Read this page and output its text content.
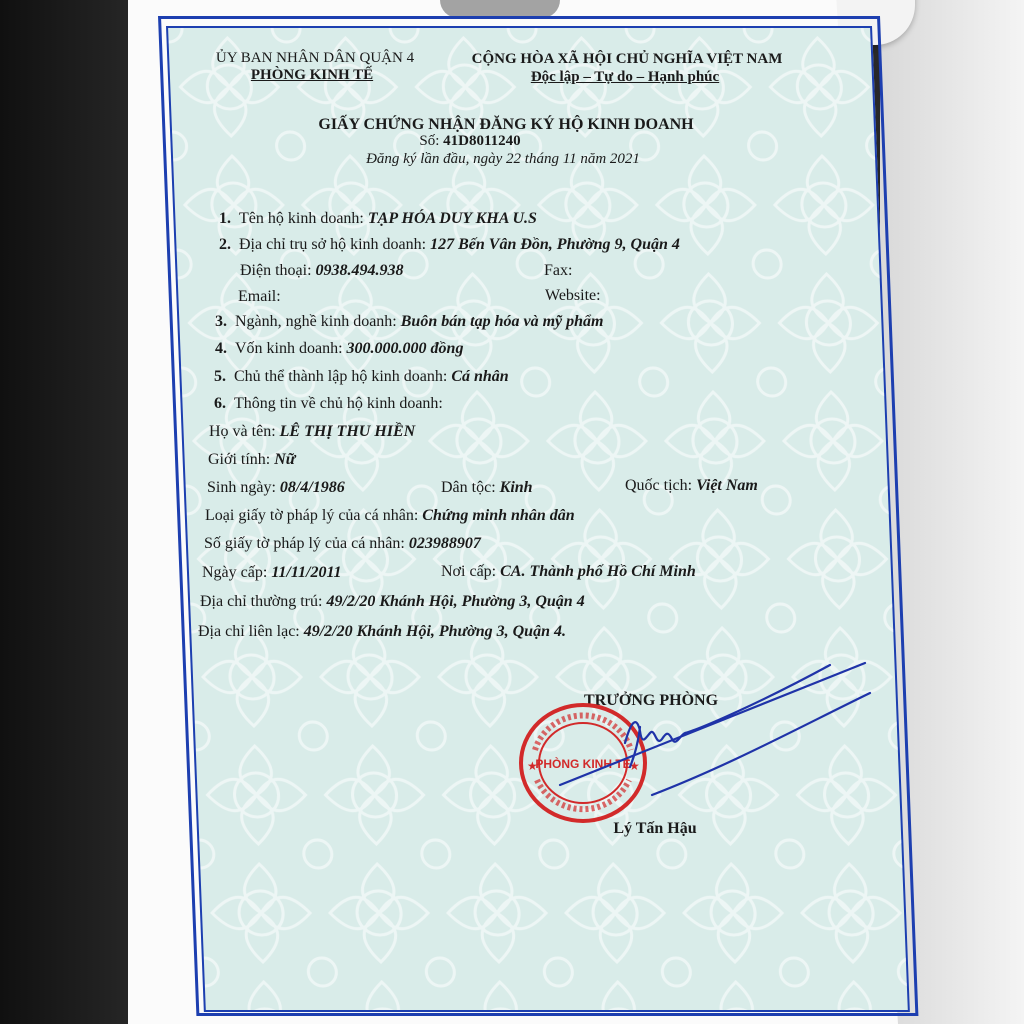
ỦY BAN NHÂN DÂN QUẬN 4
PHÒNG KINH TẾ
CỘNG HÒA XÃ HỘI CHỦ NGHĨA VIỆT NAM
Độc lập – Tự do – Hạnh phúc
GIẤY CHỨNG NHẬN ĐĂNG KÝ HỘ KINH DOANH
Số: 41D8011240
Đăng ký lần đầu, ngày 22 tháng 11 năm 2021
1. Tên hộ kinh doanh: TẠP HÓA DUY KHA U.S
2. Địa chỉ trụ sở hộ kinh doanh: 127 Bến Vân Đồn, Phường 9, Quận 4
Điện thoại: 0938.494.938	Fax:
Email:	Website:
3. Ngành, nghề kinh doanh: Buôn bán tạp hóa và mỹ phẩm
4. Vốn kinh doanh: 300.000.000 đồng
5. Chủ thể thành lập hộ kinh doanh: Cá nhân
6. Thông tin về chủ hộ kinh doanh:
Họ và tên: LÊ THỊ THU HIỀN
Giới tính: Nữ
Sinh ngày: 08/4/1986	Dân tộc: Kinh	Quốc tịch: Việt Nam
Loại giấy tờ pháp lý của cá nhân: Chứng minh nhân dân
Số giấy tờ pháp lý của cá nhân: 023988907
Ngày cấp: 11/11/2011	Nơi cấp: CA. Thành phố Hồ Chí Minh
Địa chỉ thường trú: 49/2/20 Khánh Hội, Phường 3, Quận 4
Địa chỉ liên lạc: 49/2/20 Khánh Hội, Phường 3, Quận 4.
TRƯỞNG PHÒNG
★	★
PHÒNG KINH TẾ
Lý Tấn Hậu
